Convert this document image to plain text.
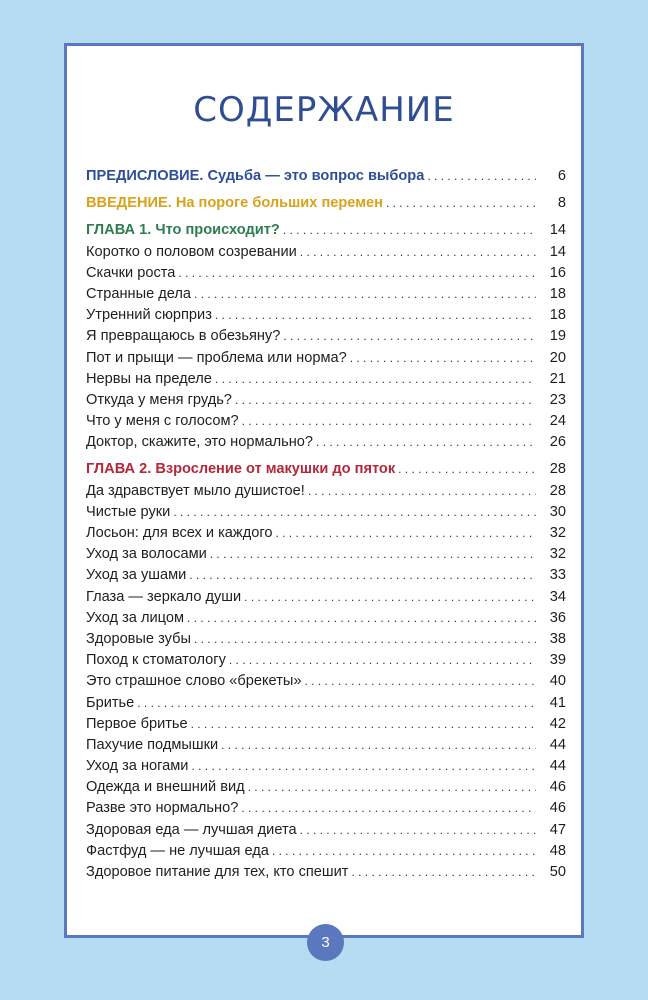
СОДЕРЖАНИЕ
ПРЕДИСЛОВИЕ. Судьба — это вопрос выбора . . .	6
ВВЕДЕНИЕ. На пороге больших перемен . . .	8
ГЛАВА 1. Что происходит? . . .	14
Коротко о половом созревании . . .	14
Скачки роста . . .	16
Странные дела . . .	18
Утренний сюрприз . . .	18
Я превращаюсь в обезьяну? . . .	19
Пот и прыщи — проблема или норма? . . .	20
Нервы на пределе . . .	21
Откуда у меня грудь? . . .	23
Что у меня с голосом? . . .	24
Доктор, скажите, это нормально? . . .	26
ГЛАВА 2. Взросление от макушки до пяток . . .	28
Да здравствует мыло душистое! . . .	28
Чистые руки . . .	30
Лосьон: для всех и каждого . . .	32
Уход за волосами . . .	32
Уход за ушами . . .	33
Глаза — зеркало души . . .	34
Уход за лицом . . .	36
Здоровые зубы . . .	38
Поход к стоматологу . . .	39
Это страшное слово «брекеты» . . .	40
Бритье . . .	41
Первое бритье . . .	42
Пахучие подмышки . . .	44
Уход за ногами . . .	44
Одежда и внешний вид . . .	46
Разве это нормально? . . .	46
Здоровая еда — лучшая диета . . .	47
Фастфуд — не лучшая еда . . .	48
Здоровое питание для тех, кто спешит . . .	50
3
